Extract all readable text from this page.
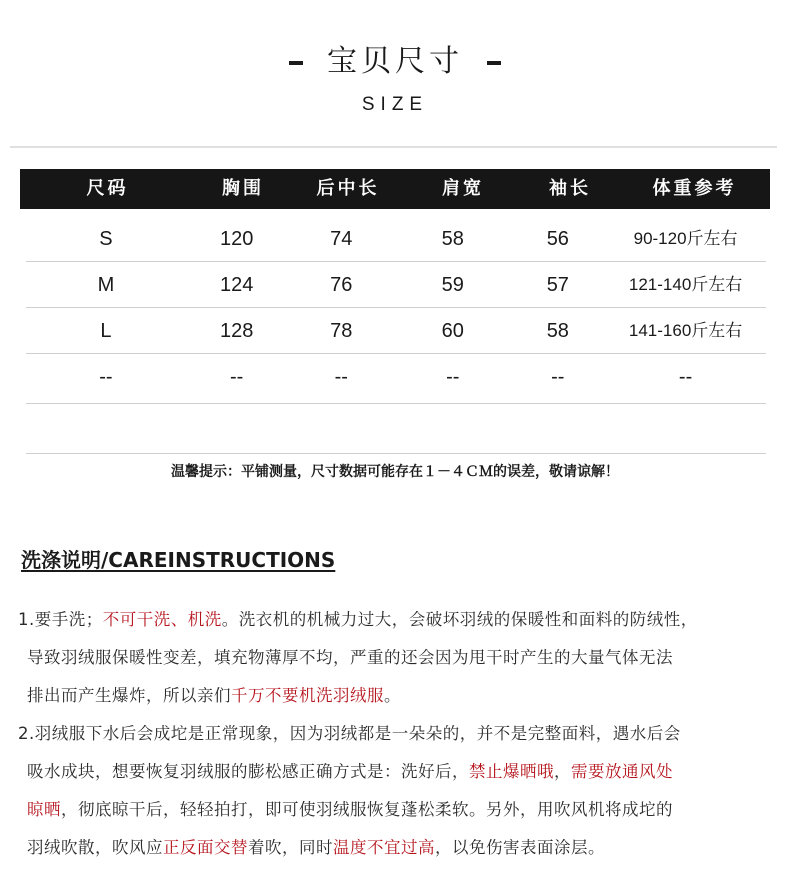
宝贝尺寸
SIZE
尺码	胸围	后中长	肩宽	袖长	体重参考
S	120	74	58	56	90-120斤左右
M	124	76	59	57	121-140斤左右
L	128	78	60	58	141-160斤左右
--	--	--	--	--	--
温馨提示：平铺测量，尺寸数据可能存在１－４ＣＭ的误差，敬请谅解！
洗涤说明/CAREINSTRUCTIONS
1.要手洗；不可干洗、机洗。洗衣机的机械力过大，会破坏羽绒的保暖性和面料的防绒性，
导致羽绒服保暖性变差，填充物薄厚不均，严重的还会因为甩干时产生的大量气体无法
排出而产生爆炸，所以亲们千万不要机洗羽绒服。
2.羽绒服下水后会成坨是正常现象，因为羽绒都是一朵朵的，并不是完整面料，遇水后会
吸水成块，想要恢复羽绒服的膨松感正确方式是：洗好后，禁止爆晒哦，需要放通风处
晾晒，彻底晾干后，轻轻拍打，即可使羽绒服恢复蓬松柔软。另外，用吹风机将成坨的
羽绒吹散，吹风应正反面交替着吹，同时温度不宜过高，以免伤害表面涂层。
